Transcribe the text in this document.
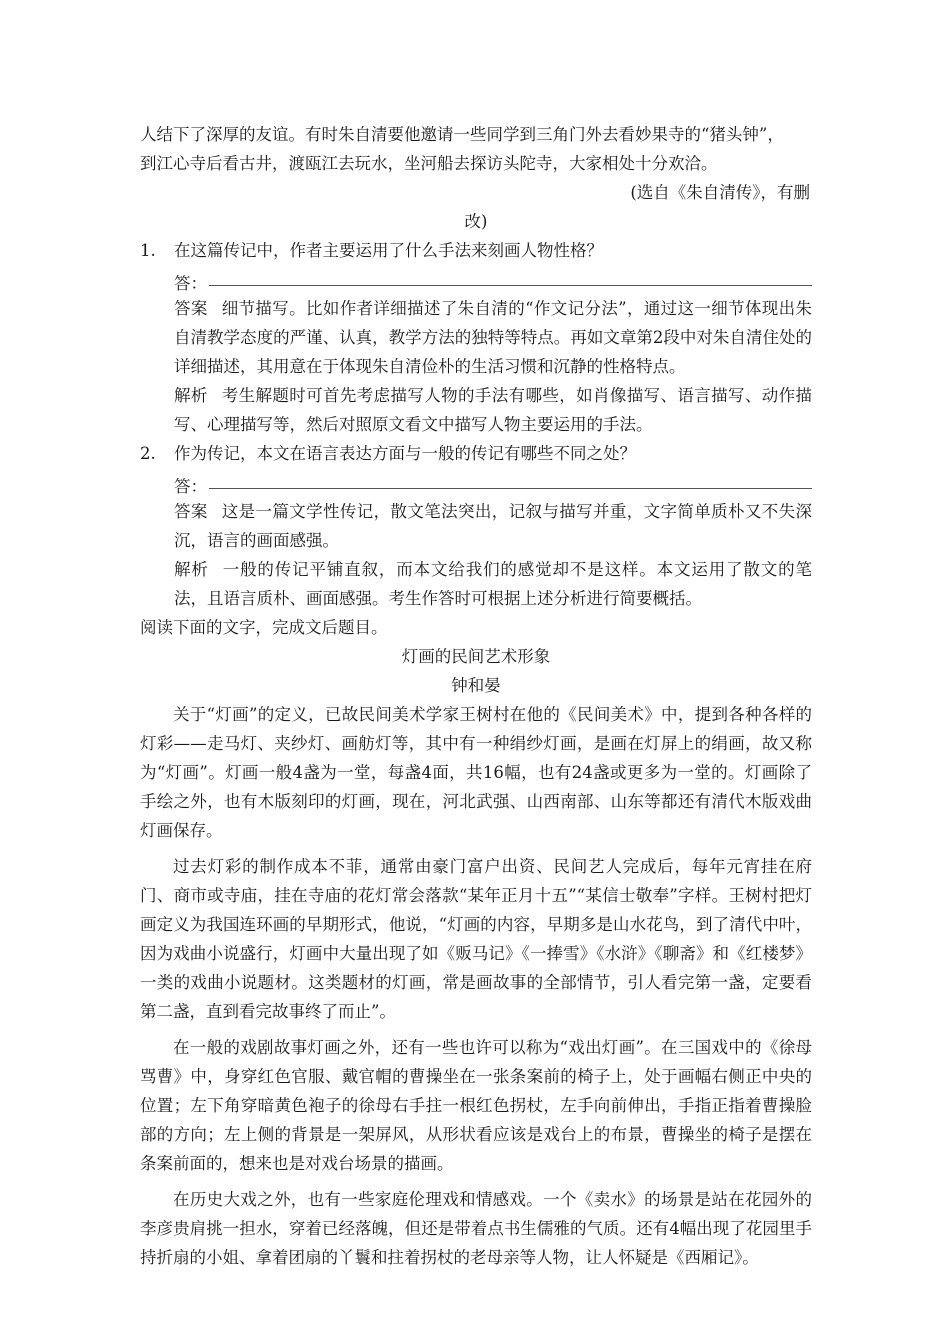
人结下了深厚的友谊。有时朱自清要他邀请一些同学到三角门外去看妙果寺的“猪头钟”，
到江心寺后看古井，渡瓯江去玩水，坐河船去探访头陀寺，大家相处十分欢洽。
(选自《朱自清传》，有删
改)
1.	在这篇传记中，作者主要运用了什么手法来刻画人物性格？
答：
答案 细节描写。比如作者详细描述了朱自清的“作文记分法”，通过这一细节体现出朱自清教学态度的严谨、认真，教学方法的独特等特点。再如文章第2段中对朱自清住处的详细描述，其用意在于体现朱自清俭朴的生活习惯和沉静的性格特点。
解析 考生解题时可首先考虑描写人物的手法有哪些，如肖像描写、语言描写、动作描写、心理描写等，然后对照原文看文中描写人物主要运用的手法。
2.	作为传记，本文在语言表达方面与一般的传记有哪些不同之处？
答：
答案 这是一篇文学性传记，散文笔法突出，记叙与描写并重，文字简单质朴又不失深沉，语言的画面感强。
解析 一般的传记平铺直叙，而本文给我们的感觉却不是这样。本文运用了散文的笔法，且语言质朴、画面感强。考生作答时可根据上述分析进行简要概括。
阅读下面的文字，完成文后题目。
灯画的民间艺术形象
钟和晏
关于“灯画”的定义，已故民间美术学家王树村在他的《民间美术》中，提到各种各样的灯彩——走马灯、夹纱灯、画舫灯等，其中有一种绢纱灯画，是画在灯屏上的绢画，故又称为“灯画”。灯画一般4盏为一堂，每盏4面，共16幅，也有24盏或更多为一堂的。灯画除了手绘之外，也有木版刻印的灯画，现在，河北武强、山西南部、山东等都还有清代木版戏曲灯画保存。
过去灯彩的制作成本不菲，通常由豪门富户出资、民间艺人完成后，每年元宵挂在府门、商市或寺庙，挂在寺庙的花灯常会落款“某年正月十五”“某信士敬奉”字样。王树村把灯画定义为我国连环画的早期形式，他说，“灯画的内容，早期多是山水花鸟，到了清代中叶，因为戏曲小说盛行，灯画中大量出现了如《贩马记》《一捧雪》《水浒》《聊斋》和《红楼梦》一类的戏曲小说题材。这类题材的灯画，常是画故事的全部情节，引人看完第一盏，定要看第二盏，直到看完故事终了而止”。
在一般的戏剧故事灯画之外，还有一些也许可以称为“戏出灯画”。在三国戏中的《徐母骂曹》中，身穿红色官服、戴官帽的曹操坐在一张条案前的椅子上，处于画幅右侧正中央的位置；左下角穿暗黄色袍子的徐母右手拄一根红色拐杖，左手向前伸出，手指正指着曹操脸部的方向；左上侧的背景是一架屏风，从形状看应该是戏台上的布景，曹操坐的椅子是摆在条案前面的，想来也是对戏台场景的描画。
在历史大戏之外，也有一些家庭伦理戏和情感戏。一个《卖水》的场景是站在花园外的李彦贵肩挑一担水，穿着已经落魄，但还是带着点书生儒雅的气质。还有4幅出现了花园里手持折扇的小姐、拿着团扇的丫鬟和拄着拐杖的老母亲等人物，让人怀疑是《西厢记》。
